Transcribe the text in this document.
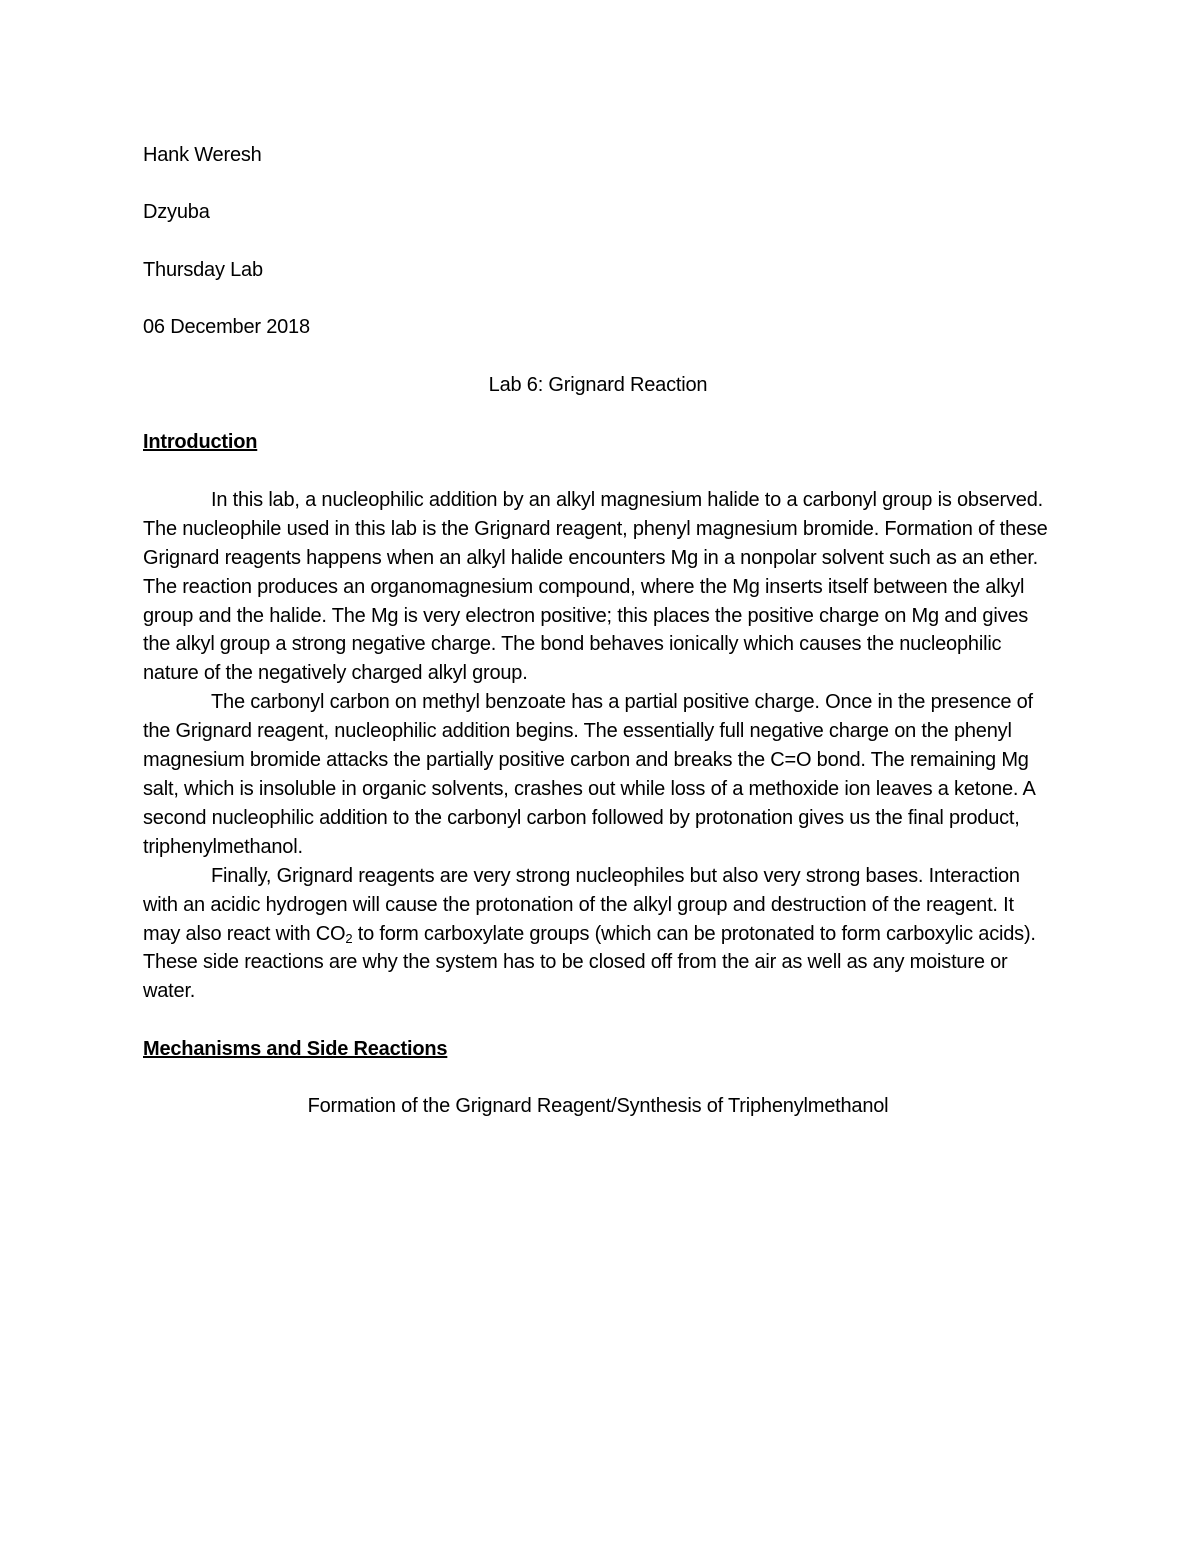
Hank Weresh
Dzyuba
Thursday Lab
06 December 2018
Lab 6: Grignard Reaction
Introduction

In this lab, a nucleophilic addition by an alkyl magnesium halide to a carbonyl group is observed. The nucleophile used in this lab is the Grignard reagent, phenyl magnesium bromide. Formation of these Grignard reagents happens when an alkyl halide encounters Mg in a nonpolar solvent such as an ether. The reaction produces an organomagnesium compound, where the Mg inserts itself between the alkyl group and the halide. The Mg is very electron positive; this places the positive charge on Mg and gives the alkyl group a strong negative charge. The bond behaves ionically which causes the nucleophilic nature of the negatively charged alkyl group.

The carbonyl carbon on methyl benzoate has a partial positive charge. Once in the presence of the Grignard reagent, nucleophilic addition begins. The essentially full negative charge on the phenyl magnesium bromide attacks the partially positive carbon and breaks the C=O bond. The remaining Mg salt, which is insoluble in organic solvents, crashes out while loss of a methoxide ion leaves a ketone. A second nucleophilic addition to the carbonyl carbon followed by protonation gives us the final product, triphenylmethanol.

Finally, Grignard reagents are very strong nucleophiles but also very strong bases. Interaction with an acidic hydrogen will cause the protonation of the alkyl group and destruction of the reagent. It may also react with $CO_2$ to form carboxylate groups (which can be protonated to form carboxylic acids). These side reactions are why the system has to be closed off from the air as well as any moisture or water.

Mechanisms and Side Reactions
Formation of the Grignard Reagent/Synthesis of Triphenylmethanol
